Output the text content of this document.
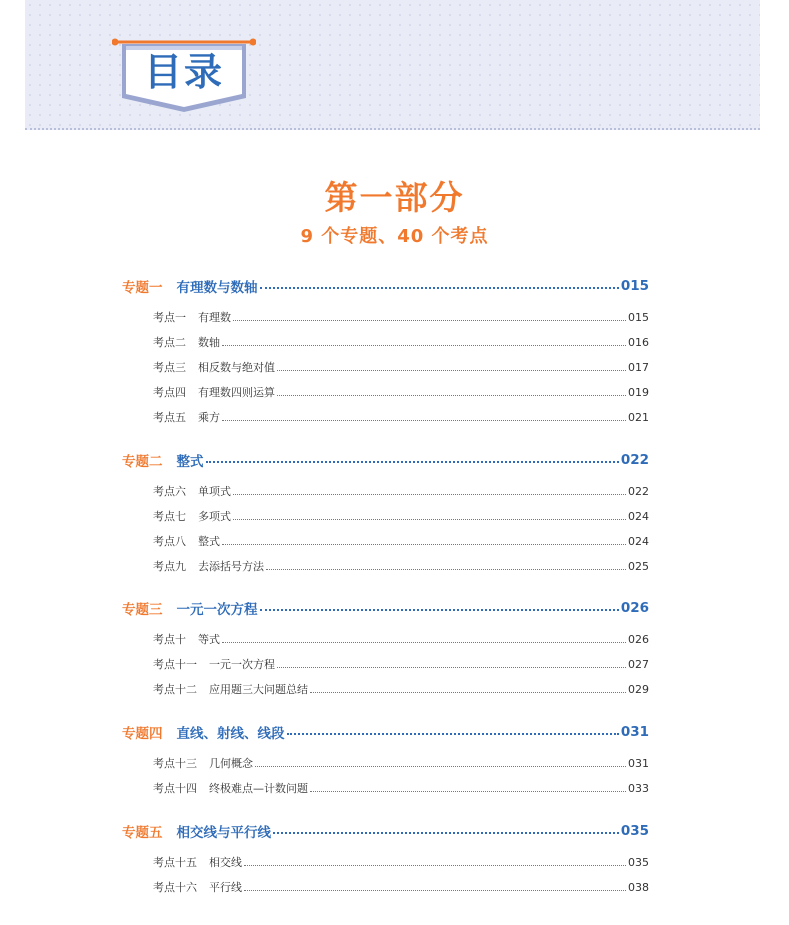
目录
第一部分
9 个专题、40 个考点
专题一 有理数与数轴	015
考点一 有理数	015
考点二 数轴	016
考点三 相反数与绝对值	017
考点四 有理数四则运算	019
考点五 乘方	021
专题二 整式	022
考点六 单项式	022
考点七 多项式	024
考点八 整式	024
考点九 去添括号方法	025
专题三 一元一次方程	026
考点十 等式	026
考点十一 一元一次方程	027
考点十二 应用题三大问题总结	029
专题四 直线、射线、线段	031
考点十三 几何概念	031
考点十四 终极难点—计数问题	033
专题五 相交线与平行线	035
考点十五 相交线	035
考点十六 平行线	038
